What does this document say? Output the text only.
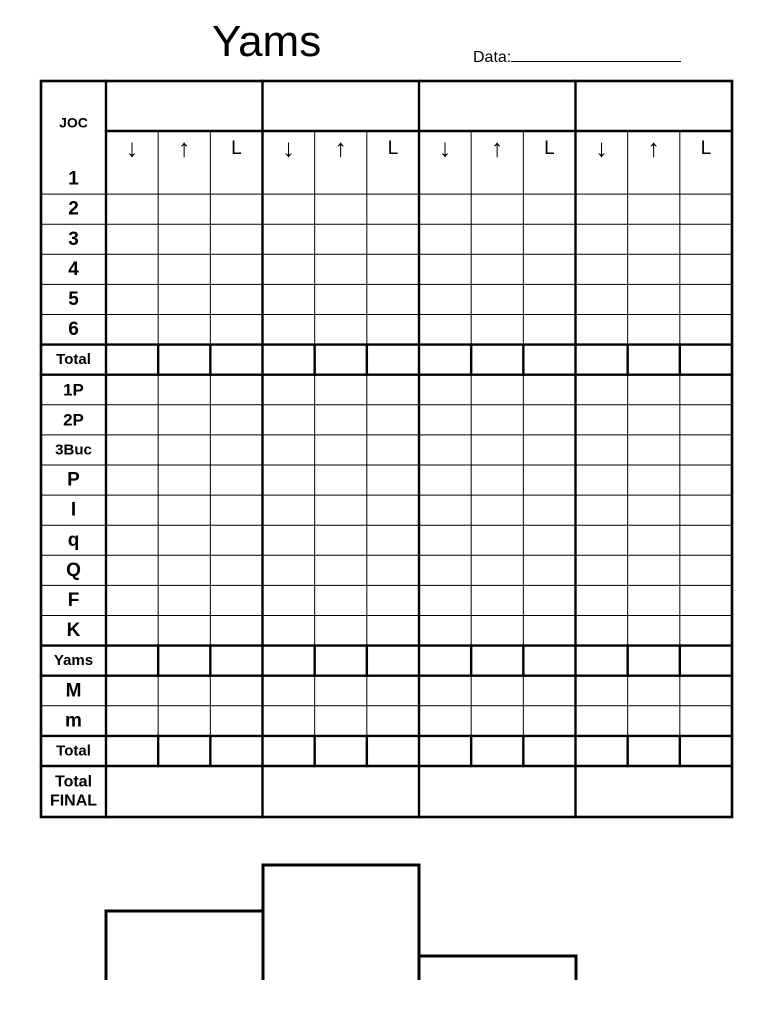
Yams	Data:
JOC
↓ ↑ L ↓ ↑ L ↓ ↑ L ↓ ↑ L
1
2
3
4
5
6
Total
1P
2P
3Buc
P
I
q
Q
F
K
Yams
M
m
Total
Total
FINAL
